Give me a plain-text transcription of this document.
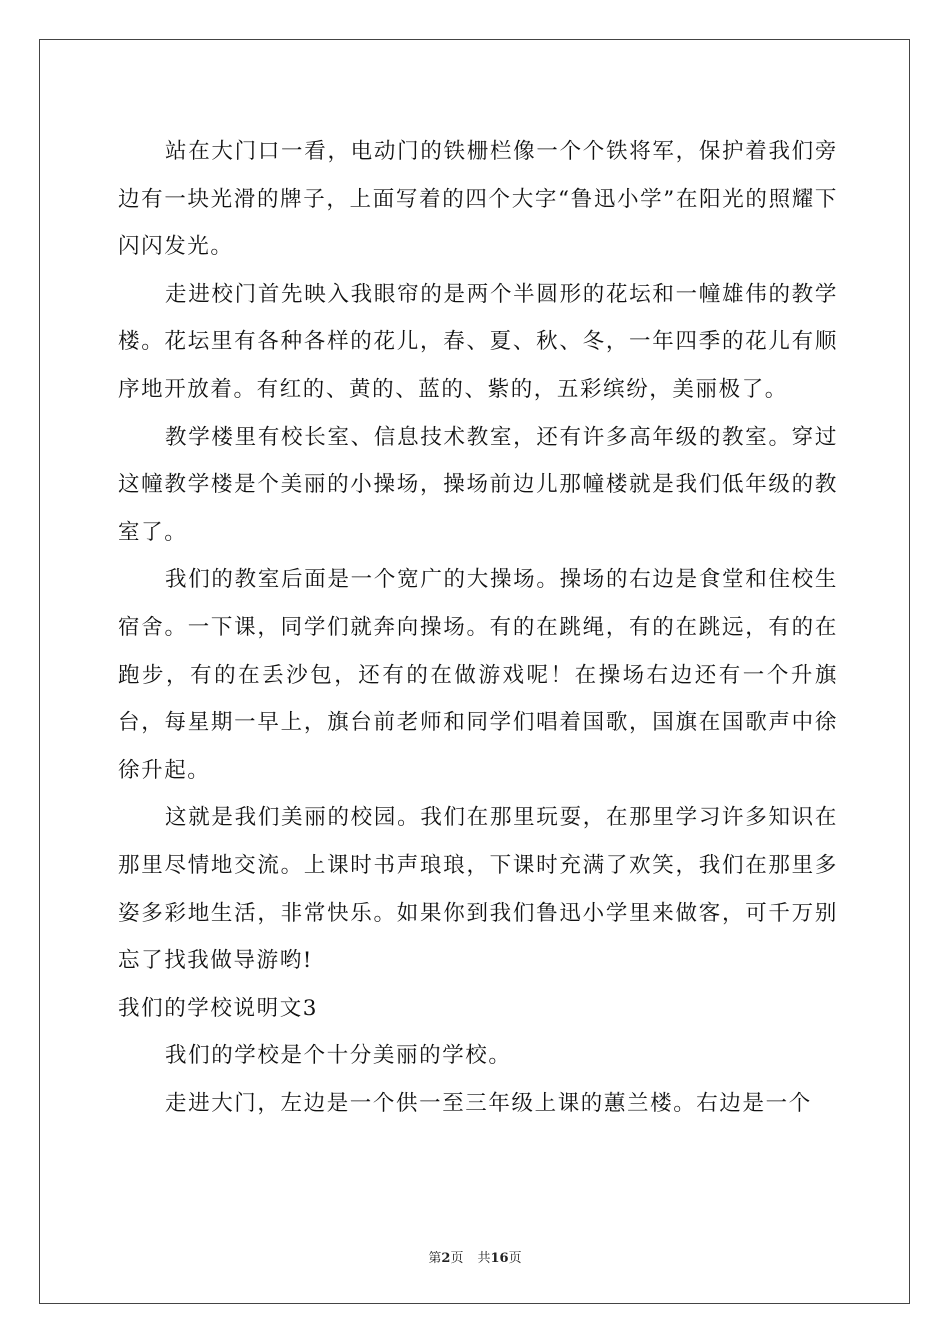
站在大门口一看，电动门的铁栅栏像一个个铁将军，保护着我们旁边有一块光滑的牌子，上面写着的四个大字“鲁迅小学”在阳光的照耀下闪闪发光。

走进校门首先映入我眼帘的是两个半圆形的花坛和一幢雄伟的教学楼。花坛里有各种各样的花儿，春、夏、秋、冬，一年四季的花儿有顺序地开放着。有红的、黄的、蓝的、紫的，五彩缤纷，美丽极了。

教学楼里有校长室、信息技术教室，还有许多高年级的教室。穿过这幢教学楼是个美丽的小操场，操场前边儿那幢楼就是我们低年级的教室了。

我们的教室后面是一个宽广的大操场。操场的右边是食堂和住校生宿舍。一下课，同学们就奔向操场。有的在跳绳，有的在跳远，有的在跑步，有的在丢沙包，还有的在做游戏呢！在操场右边还有一个升旗台，每星期一早上，旗台前老师和同学们唱着国歌，国旗在国歌声中徐徐升起。

这就是我们美丽的校园。我们在那里玩耍，在那里学习许多知识在那里尽情地交流。上课时书声琅琅，下课时充满了欢笑，我们在那里多姿多彩地生活，非常快乐。如果你到我们鲁迅小学里来做客，可千万别忘了找我做导游哟!

我们的学校说明文3

我们的学校是个十分美丽的学校。

走进大门，左边是一个供一至三年级上课的蕙兰楼。右边是一个

第2页 共16页
